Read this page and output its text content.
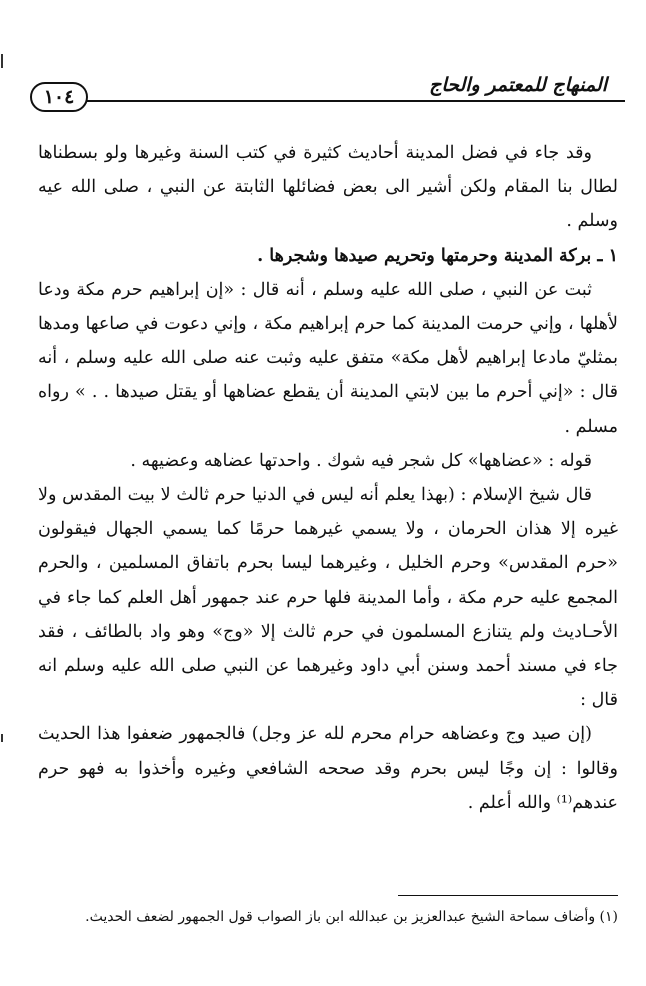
١٠٤
المنهاج للمعتمر والحاج

وقد جاء في فضل المدينة أحاديث كثيرة في كتب السنة وغيرها ولو بسطناها لطال بنا المقام ولكن أشير الى بعض فضائلها الثابتة عن النبي ، صلى الله عيه وسلم .

١ ـ بركة المدينة وحرمتها وتحريم صيدها وشجرها .

ثبت عن النبي ، صلى الله عليه وسلم ، أنه قال : «إن إبراهيم حرم مكة ودعا لأهلها ، وإني حرمت المدينة كما حرم إبراهيم مكة ، وإني دعوت في صاعها ومدها بمثليّ مادعا إبراهيم لأهل مكة» متفق عليه وثبت عنه صلى الله عليه وسلم ، أنه قال : «إني أحرم ما بين لابتي المدينة أن يقطع عضاهها أو يقتل صيدها . . » رواه مسلم .

قوله : «عضاهها» كل شجر فيه شوك . واحدتها عضاهه وعضيهه .

قال شيخ الإسلام : (بهذا يعلم أنه ليس في الدنيا حرم ثالث لا بيت المقدس ولا غيره إلا هذان الحرمان ، ولا يسمي غيرهما حرمًا كما يسمي الجهال فيقولون «حرم المقدس» وحرم الخليل ، وغيرهما ليسا بحرم باتفاق المسلمين ، والحرم المجمع عليه حرم مكة ، وأما المدينة فلها حرم عند جمهور أهل العلم كما جاء في الأحـاديث ولم يتنازع المسلمون في حرم ثالث إلا «وج» وهو واد بالطائف ، فقد جاء في مسند أحمد وسنن أبي داود وغيرهما عن النبي صلى الله عليه وسلم انه قال :

(إن صيد وج وعضاهه حرام محرم لله عز وجل) فالجمهور ضعفوا هذا الحديث وقالوا : إن وجًا ليس بحرم وقد صححه الشافعي وغيره وأخذوا به فهو حرم عندهم⁽¹⁾ والله أعلم .

(١) وأضاف سماحة الشيخ عبدالعزيز بن عبدالله ابن باز الصواب قول الجمهور لضعف الحديث.
